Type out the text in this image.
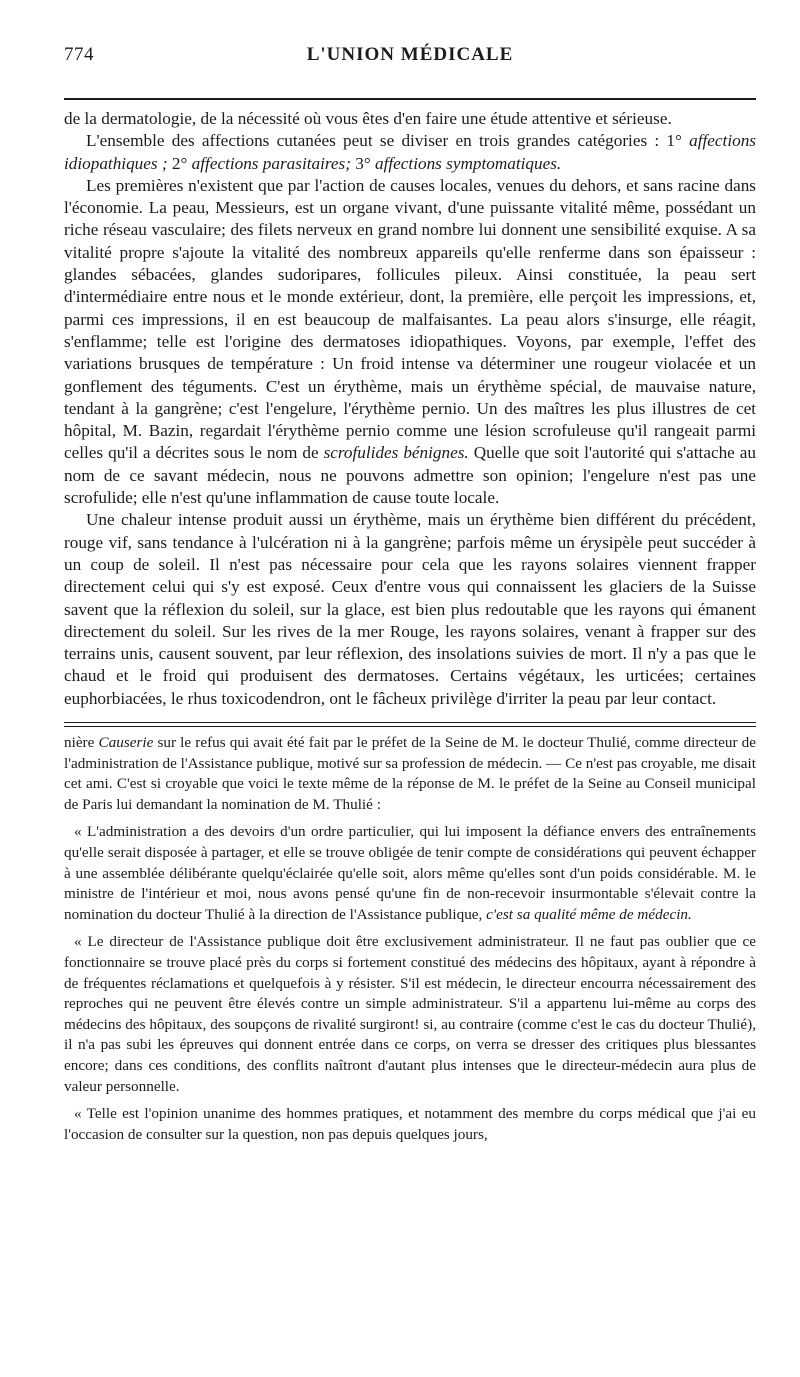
774	L'UNION MÉDICALE

de la dermatologie, de la nécessité où vous êtes d'en faire une étude attentive et sérieuse.

L'ensemble des affections cutanées peut se diviser en trois grandes catégories : 1° affections idiopathiques ; 2° affections parasitaires; 3° affections symptomatiques.

Les premières n'existent que par l'action de causes locales, venues du dehors, et sans racine dans l'économie. La peau, Messieurs, est un organe vivant, d'une puissante vitalité même, possédant un riche réseau vasculaire; des filets nerveux en grand nombre lui donnent une sensibilité exquise. A sa vitalité propre s'ajoute la vitalité des nombreux appareils qu'elle renferme dans son épaisseur : glandes sébacées, glandes sudoripares, follicules pileux. Ainsi constituée, la peau sert d'intermédiaire entre nous et le monde extérieur, dont, la première, elle perçoit les impressions, et, parmi ces impressions, il en est beaucoup de malfaisantes. La peau alors s'insurge, elle réagit, s'enflamme; telle est l'origine des dermatoses idiopathiques. Voyons, par exemple, l'effet des variations brusques de température : Un froid intense va déterminer une rougeur violacée et un gonflement des téguments. C'est un érythème, mais un érythème spécial, de mauvaise nature, tendant à la gangrène; c'est l'engelure, l'érythème pernio. Un des maîtres les plus illustres de cet hôpital, M. Bazin, regardait l'érythème pernio comme une lésion scrofuleuse qu'il rangeait parmi celles qu'il a décrites sous le nom de scrofulides bénignes. Quelle que soit l'autorité qui s'attache au nom de ce savant médecin, nous ne pouvons admettre son opinion; l'engelure n'est pas une scrofulide; elle n'est qu'une inflammation de cause toute locale.

Une chaleur intense produit aussi un érythème, mais un érythème bien différent du précédent, rouge vif, sans tendance à l'ulcération ni à la gangrène; parfois même un érysipèle peut succéder à un coup de soleil. Il n'est pas nécessaire pour cela que les rayons solaires viennent frapper directement celui qui s'y est exposé. Ceux d'entre vous qui connaissent les glaciers de la Suisse savent que la réflexion du soleil, sur la glace, est bien plus redoutable que les rayons qui émanent directement du soleil. Sur les rives de la mer Rouge, les rayons solaires, venant à frapper sur des terrains unis, causent souvent, par leur réflexion, des insolations suivies de mort. Il n'y a pas que le chaud et le froid qui produisent des dermatoses. Certains végétaux, les urticées; certaines euphorbiacées, le rhus toxicodendron, ont le fâcheux privilège d'irriter la peau par leur contact.

nière Causerie sur le refus qui avait été fait par le préfet de la Seine de M. le docteur Thulié, comme directeur de l'administration de l'Assistance publique, motivé sur sa profession de médecin. — Ce n'est pas croyable, me disait cet ami. C'est si croyable que voici le texte même de la réponse de M. le préfet de la Seine au Conseil municipal de Paris lui demandant la nomination de M. Thulié :

« L'administration a des devoirs d'un ordre particulier, qui lui imposent la défiance envers des entraînements qu'elle serait disposée à partager, et elle se trouve obligée de tenir compte de considérations qui peuvent échapper à une assemblée délibérante quelqu'éclairée qu'elle soit, alors même qu'elles sont d'un poids considérable. M. le ministre de l'intérieur et moi, nous avons pensé qu'une fin de non-recevoir insurmontable s'élevait contre la nomination du docteur Thulié à la direction de l'Assistance publique, c'est sa qualité même de médecin.

« Le directeur de l'Assistance publique doit être exclusivement administrateur. Il ne faut pas oublier que ce fonctionnaire se trouve placé près du corps si fortement constitué des médecins des hôpitaux, ayant à répondre à de fréquentes réclamations et quelquefois à y résister. S'il est médecin, le directeur encourra nécessairement des reproches qui ne peuvent être élevés contre un simple administrateur. S'il a appartenu lui-même au corps des médecins des hôpitaux, des soupçons de rivalité surgiront! si, au contraire (comme c'est le cas du docteur Thulié), il n'a pas subi les épreuves qui donnent entrée dans ce corps, on verra se dresser des critiques plus blessantes encore; dans ces conditions, des conflits naîtront d'autant plus intenses que le directeur-médecin aura plus de valeur personnelle.

« Telle est l'opinion unanime des hommes pratiques, et notamment des membre du corps médical que j'ai eu l'occasion de consulter sur la question, non pas depuis quelques jours,
